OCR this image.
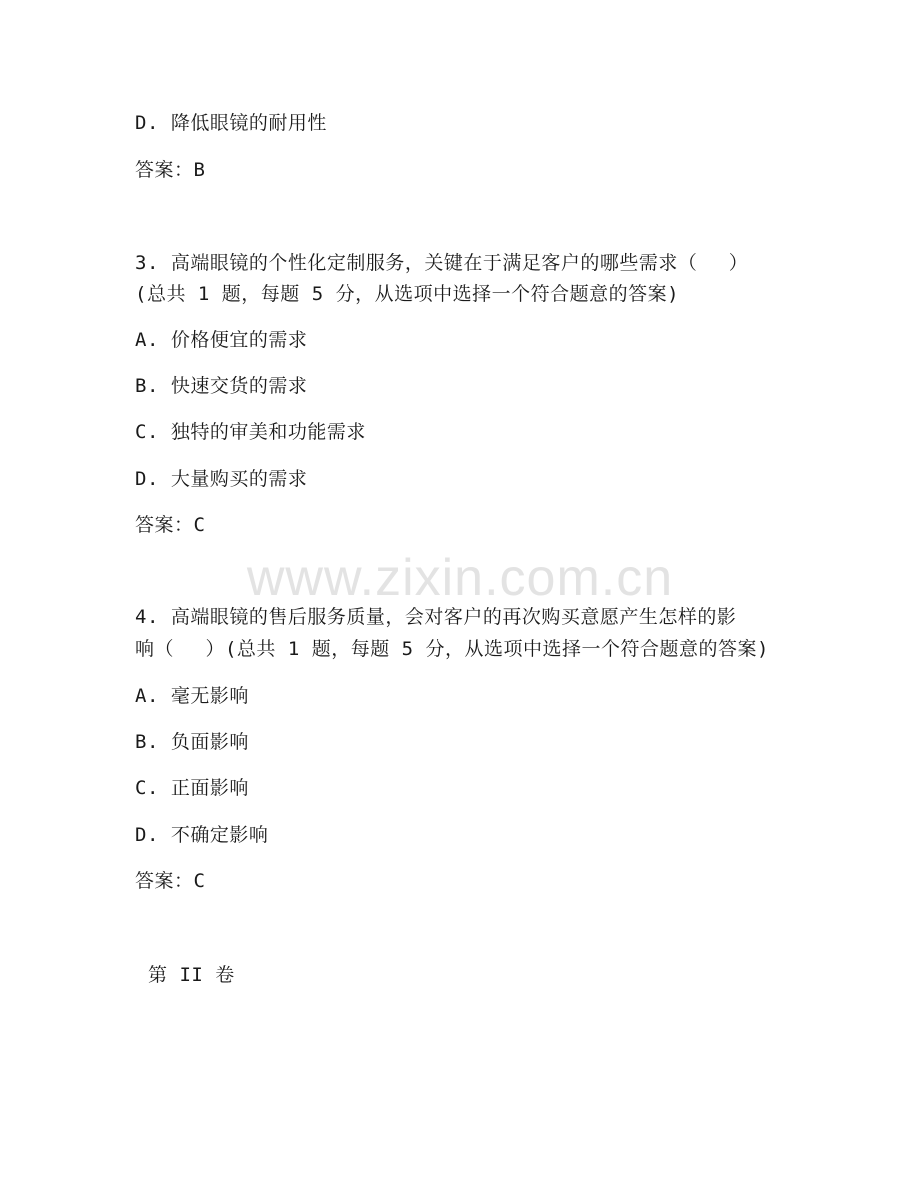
D. 降低眼镜的耐用性
答案：B
3. 高端眼镜的个性化定制服务，关键在于满足客户的哪些需求（　 ）
(总共 1 题，每题 5 分，从选项中选择一个符合题意的答案)
A. 价格便宜的需求
B. 快速交货的需求
C. 独特的审美和功能需求
D. 大量购买的需求
答案：C
www.zixin.com.cn
4. 高端眼镜的售后服务质量，会对客户的再次购买意愿产生怎样的影
响（　 ）(总共 1 题，每题 5 分，从选项中选择一个符合题意的答案)
A. 毫无影响
B. 负面影响
C. 正面影响
D. 不确定影响
答案：C
第 II 卷
